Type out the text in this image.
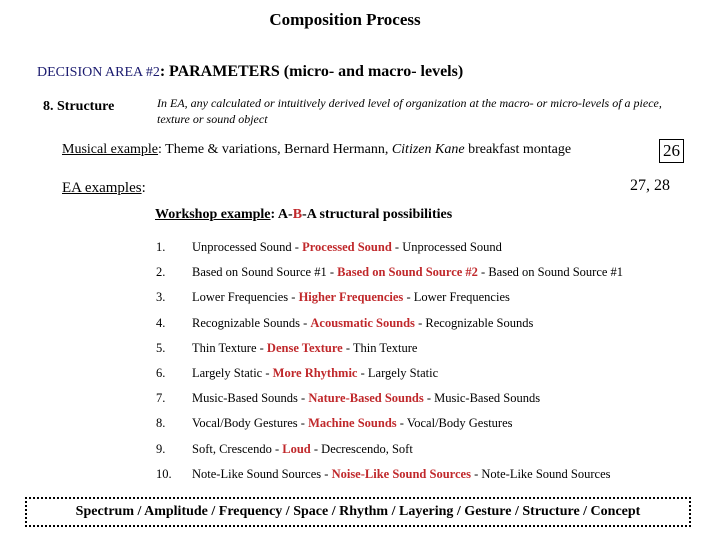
Composition Process
DECISION AREA #2: PARAMETERS (micro- and macro- levels)
8. Structure	In EA, any calculated or intuitively derived level of organization at the macro- or micro-levels of a piece, texture or sound object
Musical example: Theme & variations, Bernard Hermann, Citizen Kane breakfast montage	26
EA examples:	27, 28
Workshop example: A-B-A structural possibilities
1.	Unprocessed Sound - Processed Sound - Unprocessed Sound
2.	Based on Sound Source #1 - Based on Sound Source #2 - Based on Sound Source #1
3.	Lower Frequencies - Higher Frequencies - Lower Frequencies
4.	Recognizable Sounds - Acousmatic Sounds - Recognizable Sounds
5.	Thin Texture - Dense Texture - Thin Texture
6.	Largely Static - More Rhythmic - Largely Static
7.	Music-Based Sounds - Nature-Based Sounds - Music-Based Sounds
8.	Vocal/Body Gestures - Machine Sounds - Vocal/Body Gestures
9.	Soft, Crescendo - Loud - Decrescendo, Soft
10.	Note-Like Sound Sources - Noise-Like Sound Sources - Note-Like Sound Sources
Spectrum / Amplitude / Frequency / Space / Rhythm / Layering / Gesture / Structure / Concept
